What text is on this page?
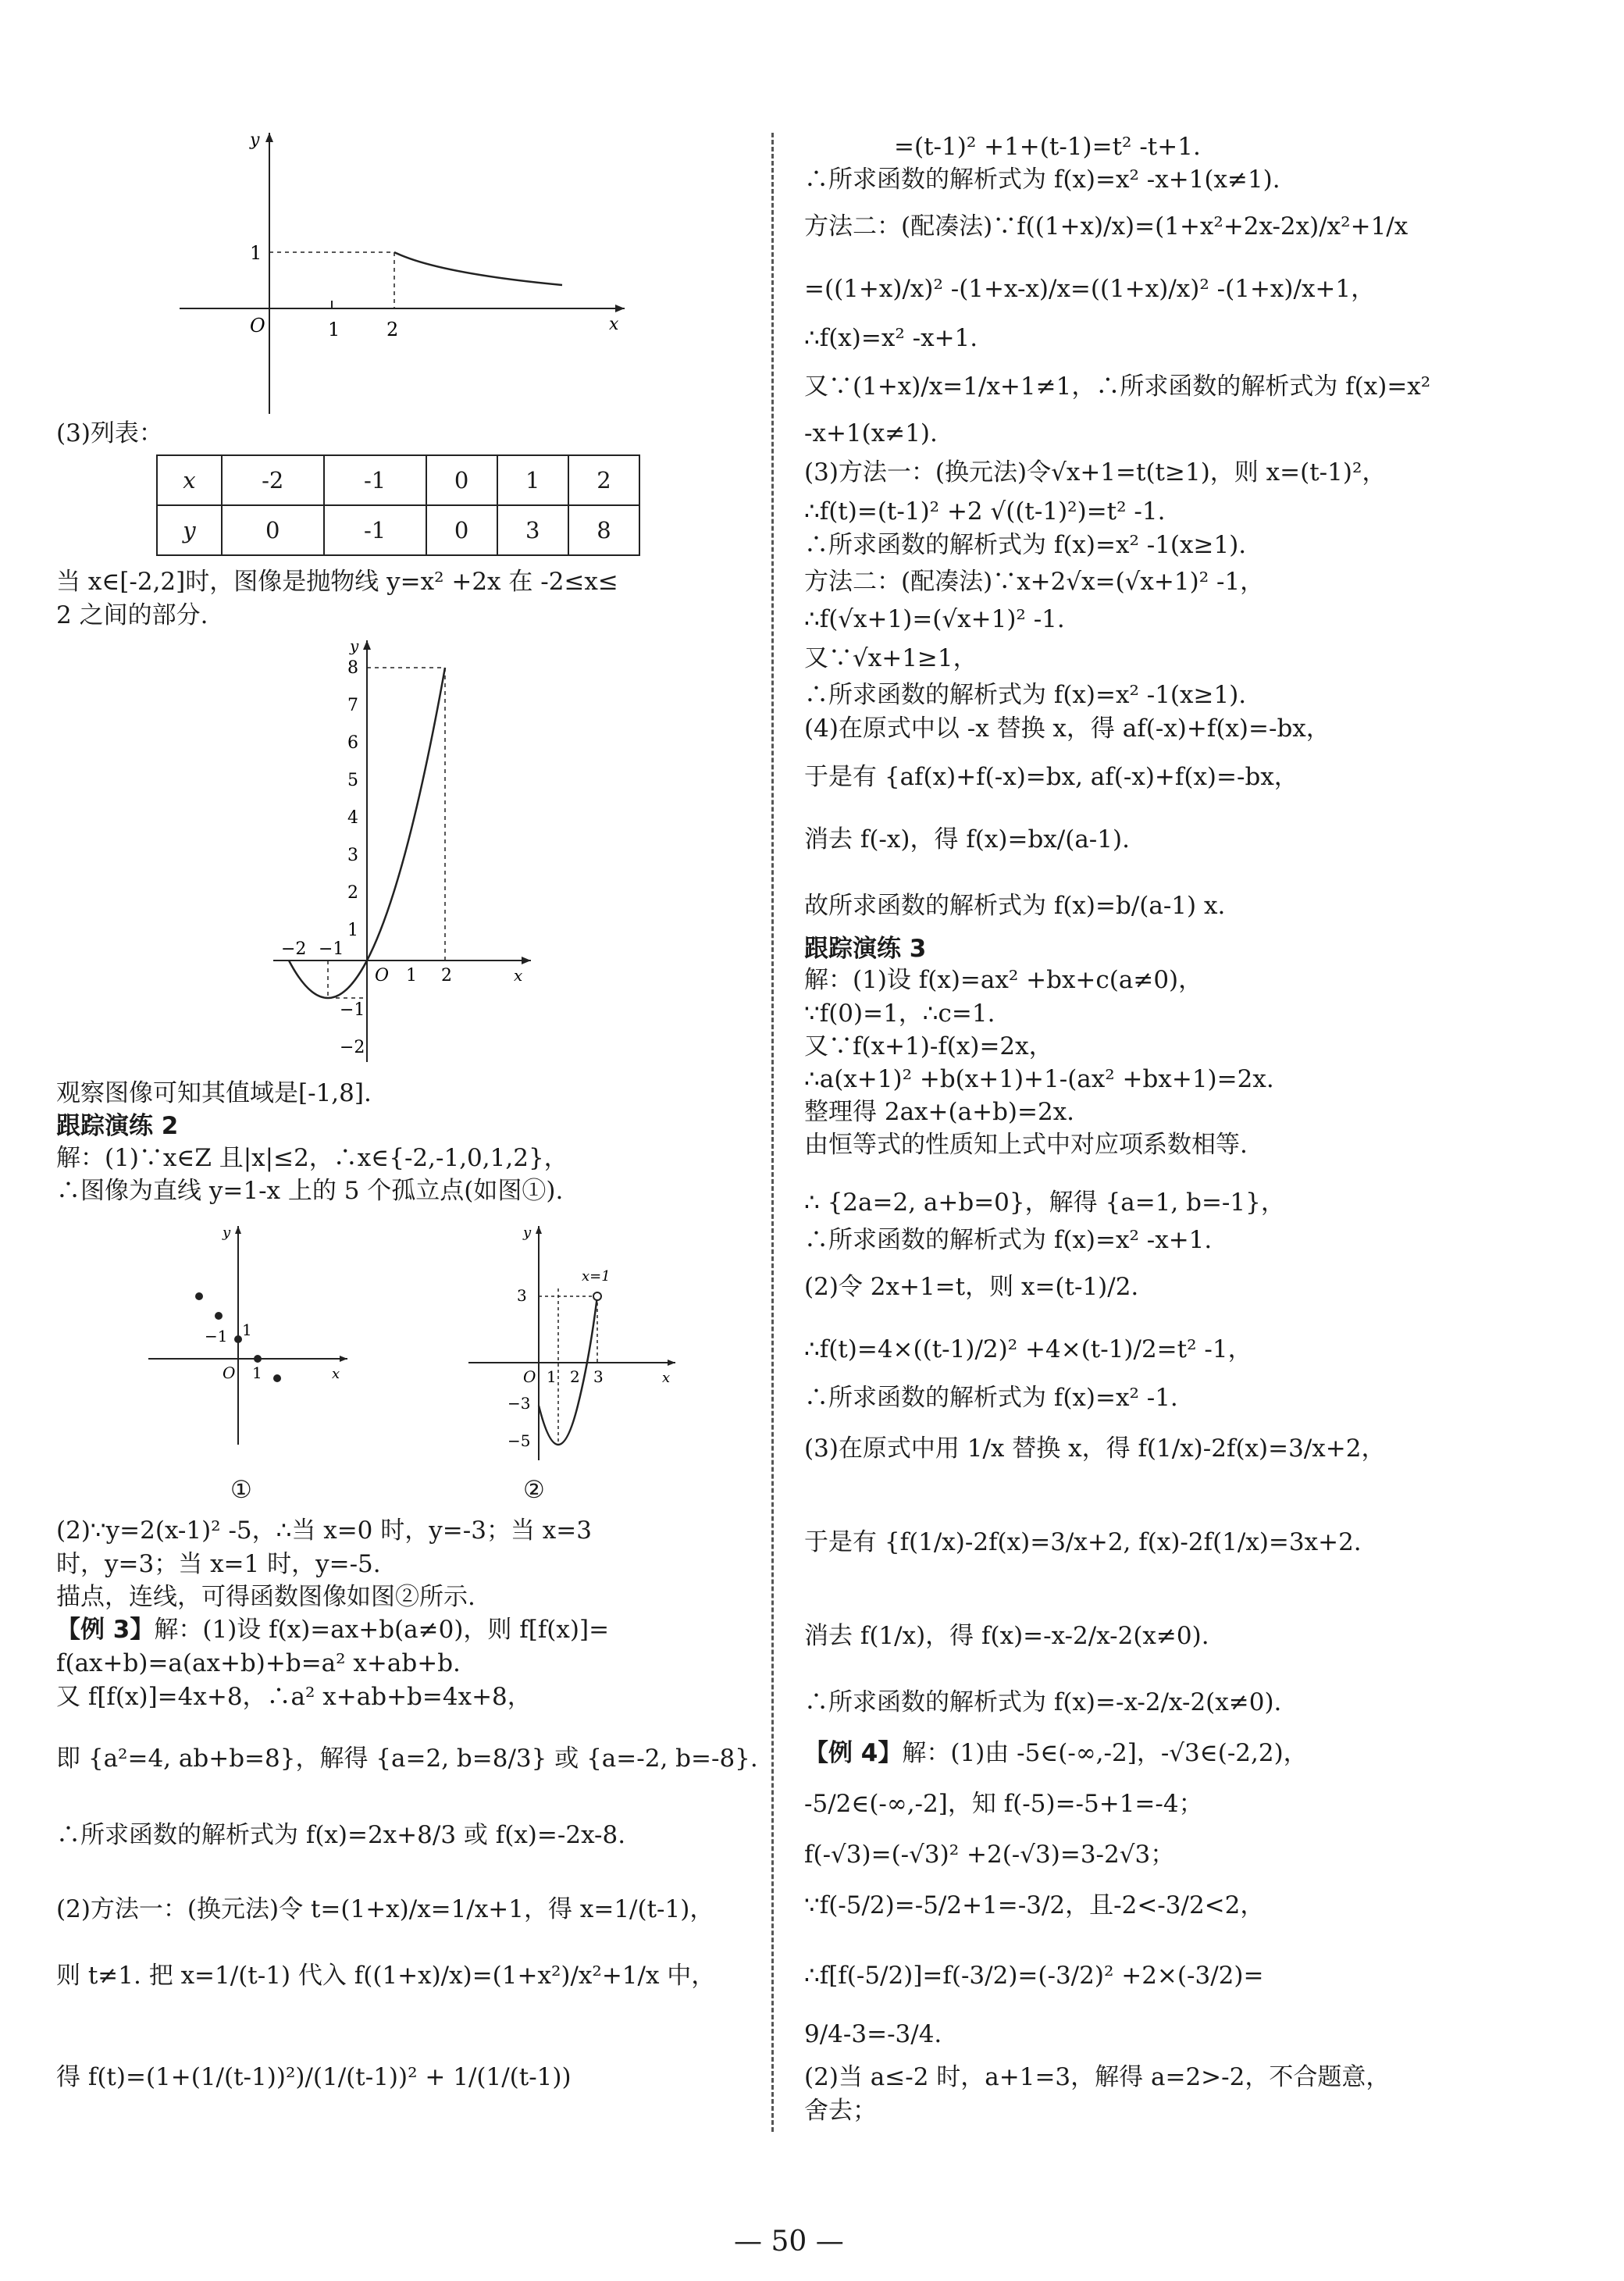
y
x
O
1
1 2
(3)列表：
x	-2	-1	0	1	2
y	0	-1	0	3	8
当 x∈[-2,2]时，图像是抛物线 y=x² +2x 在 -2≤x≤
2 之间的部分.
y
x
8
7
6
5
4
3
2
1
−1
−2
−2 −1
O 1 2
观察图像可知其值域是[-1,8].
跟踪演练 2
解：(1)∵x∈Z 且|x|≤2，∴x∈{-2,-1,0,1,2}，
∴图像为直线 y=1-x 上的 5 个孤立点(如图①).
y
x
−1 1
O 1
y
x
x=1
3
−3
−5
O 1 2 3
①	②
(2)∵y=2(x-1)² -5，∴当 x=0 时，y=-3；当 x=3
时，y=3；当 x=1 时，y=-5.
描点，连线，可得函数图像如图②所示.
【例 3】解：(1)设 f(x)=ax+b(a≠0)，则 f[f(x)]=
f(ax+b)=a(ax+b)+b=a² x+ab+b.
又 f[f(x)]=4x+8，∴a² x+ab+b=4x+8，
即 {a²=4, ab+b=8}，解得 {a=2, b=8/3} 或 {a=-2, b=-8}.
∴所求函数的解析式为 f(x)=2x+8/3 或 f(x)=-2x-8.
(2)方法一：(换元法)令 t=(1+x)/x=1/x+1，得 x=1/(t-1)，
则 t≠1. 把 x=1/(t-1) 代入 f((1+x)/x)=(1+x²)/x²+1/x 中，
得 f(t)=(1+(1/(t-1))²)/(1/(t-1))² + 1/(1/(t-1))
=(t-1)² +1+(t-1)=t² -t+1.
∴所求函数的解析式为 f(x)=x² -x+1(x≠1).
方法二：(配凑法)∵f((1+x)/x)=(1+x²+2x-2x)/x²+1/x
=((1+x)/x)² -(1+x-x)/x=((1+x)/x)² -(1+x)/x+1，
∴f(x)=x² -x+1.
又∵(1+x)/x=1/x+1≠1，∴所求函数的解析式为 f(x)=x²
-x+1(x≠1).
(3)方法一：(换元法)令√x+1=t(t≥1)，则 x=(t-1)²，
∴f(t)=(t-1)² +2 √((t-1)²)=t² -1.
∴所求函数的解析式为 f(x)=x² -1(x≥1).
方法二：(配凑法)∵x+2√x=(√x+1)² -1，
∴f(√x+1)=(√x+1)² -1.
又∵√x+1≥1，
∴所求函数的解析式为 f(x)=x² -1(x≥1).
(4)在原式中以 -x 替换 x，得 af(-x)+f(x)=-bx，
于是有 {af(x)+f(-x)=bx, af(-x)+f(x)=-bx，
消去 f(-x)，得 f(x)=bx/(a-1).
故所求函数的解析式为 f(x)=b/(a-1) x.
跟踪演练 3
解：(1)设 f(x)=ax² +bx+c(a≠0)，
∵f(0)=1，∴c=1.
又∵f(x+1)-f(x)=2x，
∴a(x+1)² +b(x+1)+1-(ax² +bx+1)=2x.
整理得 2ax+(a+b)=2x.
由恒等式的性质知上式中对应项系数相等.
∴ {2a=2, a+b=0}，解得 {a=1, b=-1}，
∴所求函数的解析式为 f(x)=x² -x+1.
(2)令 2x+1=t，则 x=(t-1)/2.
∴f(t)=4×((t-1)/2)² +4×(t-1)/2=t² -1，
∴所求函数的解析式为 f(x)=x² -1.
(3)在原式中用 1/x 替换 x，得 f(1/x)-2f(x)=3/x+2，
于是有 {f(1/x)-2f(x)=3/x+2, f(x)-2f(1/x)=3x+2.
消去 f(1/x)，得 f(x)=-x-2/x-2(x≠0).
∴所求函数的解析式为 f(x)=-x-2/x-2(x≠0).
【例 4】解：(1)由 -5∈(-∞,-2]，-√3∈(-2,2)，
-5/2∈(-∞,-2]，知 f(-5)=-5+1=-4；
f(-√3)=(-√3)² +2(-√3)=3-2√3；
∵f(-5/2)=-5/2+1=-3/2，且-2<-3/2<2，
∴f[f(-5/2)]=f(-3/2)=(-3/2)² +2×(-3/2)=
9/4-3=-3/4.
(2)当 a≤-2 时，a+1=3，解得 a=2>-2，不合题意，
舍去；
— 50 —
